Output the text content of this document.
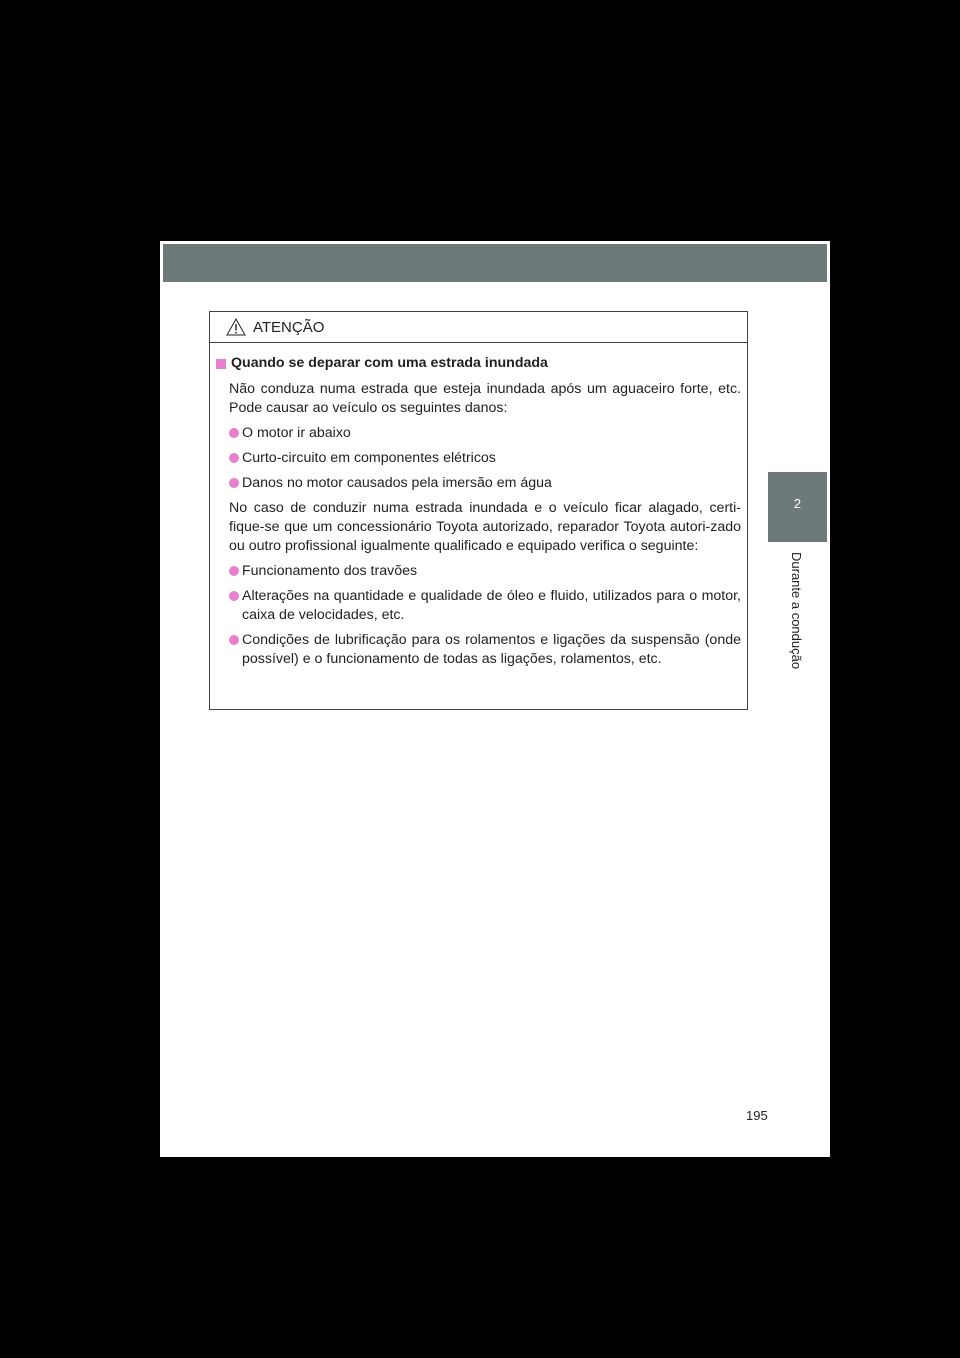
2
Durante a condução
ATENÇÃO
Quando se deparar com uma estrada inundada
Não conduza numa estrada que esteja inundada após um aguaceiro forte, etc. Pode causar ao veículo os seguintes danos:
O motor ir abaixo
Curto-circuito em componentes elétricos
Danos no motor causados pela imersão em água
No caso de conduzir numa estrada inundada e o veículo ficar alagado, certi-fique-se que um concessionário Toyota autorizado, reparador Toyota autori-zado ou outro profissional igualmente qualificado e equipado verifica o seguinte:
Funcionamento dos travões
Alterações na quantidade e qualidade de óleo e fluido, utilizados para o motor, caixa de velocidades, etc.
Condições de lubrificação para os rolamentos e ligações da suspensão (onde possível) e o funcionamento de todas as ligações, rolamentos, etc.
195
